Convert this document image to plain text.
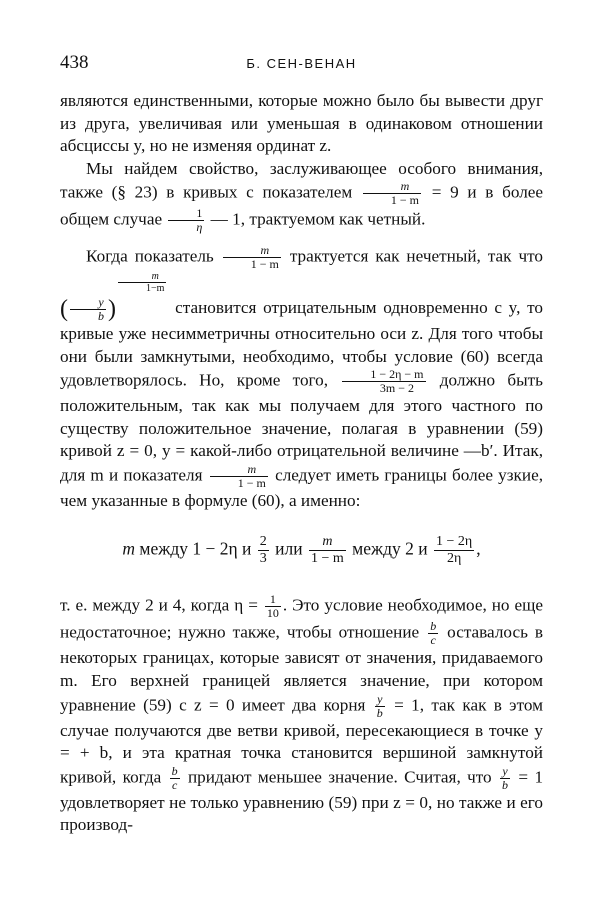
438	Б. СЕН-ВЕНАН

являются единственными, которые можно было бы вывести друг из друга, увеличивая или уменьшая в одинаковом отношении абсциссы y, но не изменяя ординат z.

Мы найдем свойство, заслуживающее особого внимания, также (§ 23) в кривых с показателем $\frac{m}{1 - m} = 9$ и в более общем случае $\frac{1}{\eta}$ — 1, трактуемом как четный.

Когда показатель $\frac{m}{1 - m}$ трактуется как нечетный, так что ( $\frac{y}{b}$ )
$\frac{m}{1-m}$
становится отрицательным одновременно с y, то кривые уже несимметричны относительно оси z. Для того чтобы они были замкнутыми, необходимо, чтобы условие (60) всегда удовлетворялось. Но, кроме того, $\frac{1 - 2\eta - m}{3m - 2}$ должно быть положительным, так как мы получаем для этого частного по существу положительное значение, полагая в уравнении (59) кривой z = 0, y = какой-либо отрицательной величине —b′. Итак, для m и показателя $\frac{m}{1 - m}$ следует иметь границы более узкие, чем указанные в формуле (60), а именно:

m между 1 − 2η и $\frac{2}{3}$ или $\frac{m}{1 - m}$ между 2 и $\frac{1 - 2\eta}{2\eta}$ ,

т. е. между 2 и 4, когда $\eta = \frac{1}{10}$ . Это условие необходимое, но еще недостаточное; нужно также, чтобы отношение $\frac{b}{c}$ оставалось в некоторых границах, которые зависят от значения, придаваемого m. Его верхней границей является значение, при котором уравнение (59) с z = 0 имеет два корня $\frac{y}{b} = 1$, так как в этом случае получаются две ветви кривой, пересекающиеся в точке y = + b, и эта кратная точка становится вершиной замкнутой кривой, когда $\frac{b}{c}$ придают меньшее значение. Считая, что $\frac{y}{b} = 1$ удовлетворяет не только уравнению (59) при z = 0, но также и его производ-
